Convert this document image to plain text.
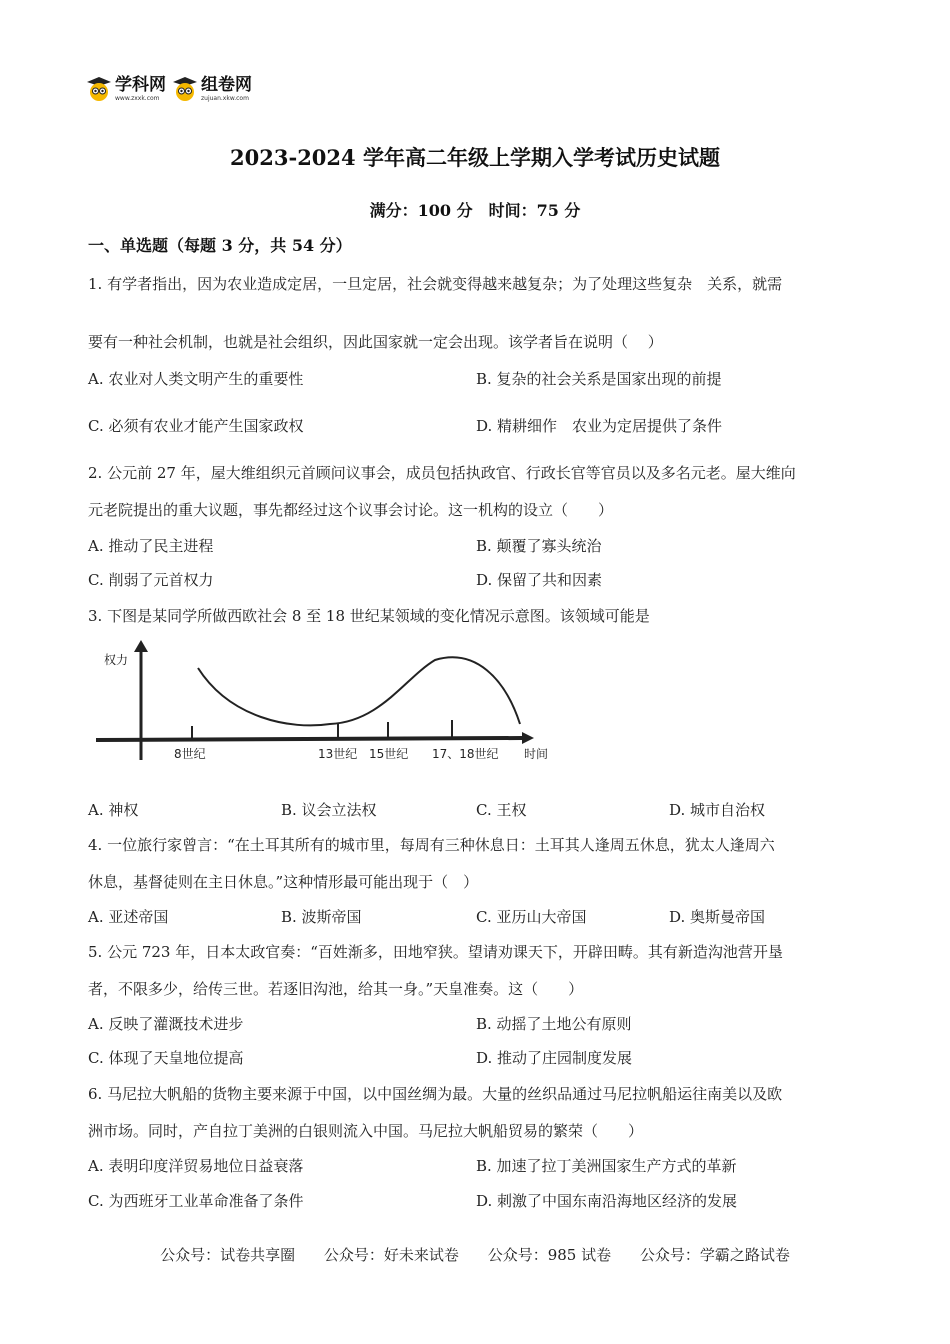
学科网
www.zxxk.com
组卷网
zujuan.xkw.com
2023-2024 学年高二年级上学期入学考试历史试题
满分：100 分　时间：75 分
一、单选题（每题 3 分，共 54 分）
1. 有学者指出，因为农业造成定居，一旦定居，社会就变得越来越复杂；为了处理这些复杂　关系，就需
要有一种社会机制，也就是社会组织，因此国家就一定会出现。该学者旨在说明（　 ）
A. 农业对人类文明产生的重要性	B. 复杂的社会关系是国家出现的前提
C. 必须有农业才能产生国家政权	D. 精耕细作　农业为定居提供了条件
2. 公元前 27 年，屋大维组织元首顾问议事会，成员包括执政官、行政长官等官员以及多名元老。屋大维向
元老院提出的重大议题，事先都经过这个议事会讨论。这一机构的设立（　　）
A. 推动了民主进程	B. 颠覆了寡头统治
C. 削弱了元首权力	D. 保留了共和因素
3. 下图是某同学所做西欧社会 8 至 18 世纪某领域的变化情况示意图。该领域可能是
权力
8世纪	13世纪 15世纪 17、18世纪 时间
A. 神权	B. 议会立法权	C. 王权	D. 城市自治权
4. 一位旅行家曾言：“在土耳其所有的城市里，每周有三种休息日：土耳其人逢周五休息，犹太人逢周六
休息，基督徒则在主日休息。”这种情形最可能出现于（　）
A. 亚述帝国	B. 波斯帝国	C. 亚历山大帝国	D. 奥斯曼帝国
5. 公元 723 年，日本太政官奏：“百姓渐多，田地窄狭。望请劝课天下，开辟田畴。其有新造沟池营开垦
者，不限多少，给传三世。若逐旧沟池，给其一身。”天皇准奏。这（　　）
A. 反映了灌溉技术进步	B. 动摇了土地公有原则
C. 体现了天皇地位提高	D. 推动了庄园制度发展
6. 马尼拉大帆船的货物主要来源于中国，以中国丝绸为最。大量的丝织品通过马尼拉帆船运往南美以及欧
洲市场。同时，产自拉丁美洲的白银则流入中国。马尼拉大帆船贸易的繁荣（　　）
A. 表明印度洋贸易地位日益衰落	B. 加速了拉丁美洲国家生产方式的革新
C. 为西班牙工业革命准备了条件	D. 刺激了中国东南沿海地区经济的发展
公众号：试卷共享圈 公众号：好未来试卷 公众号：985 试卷 公众号：学霸之路试卷
